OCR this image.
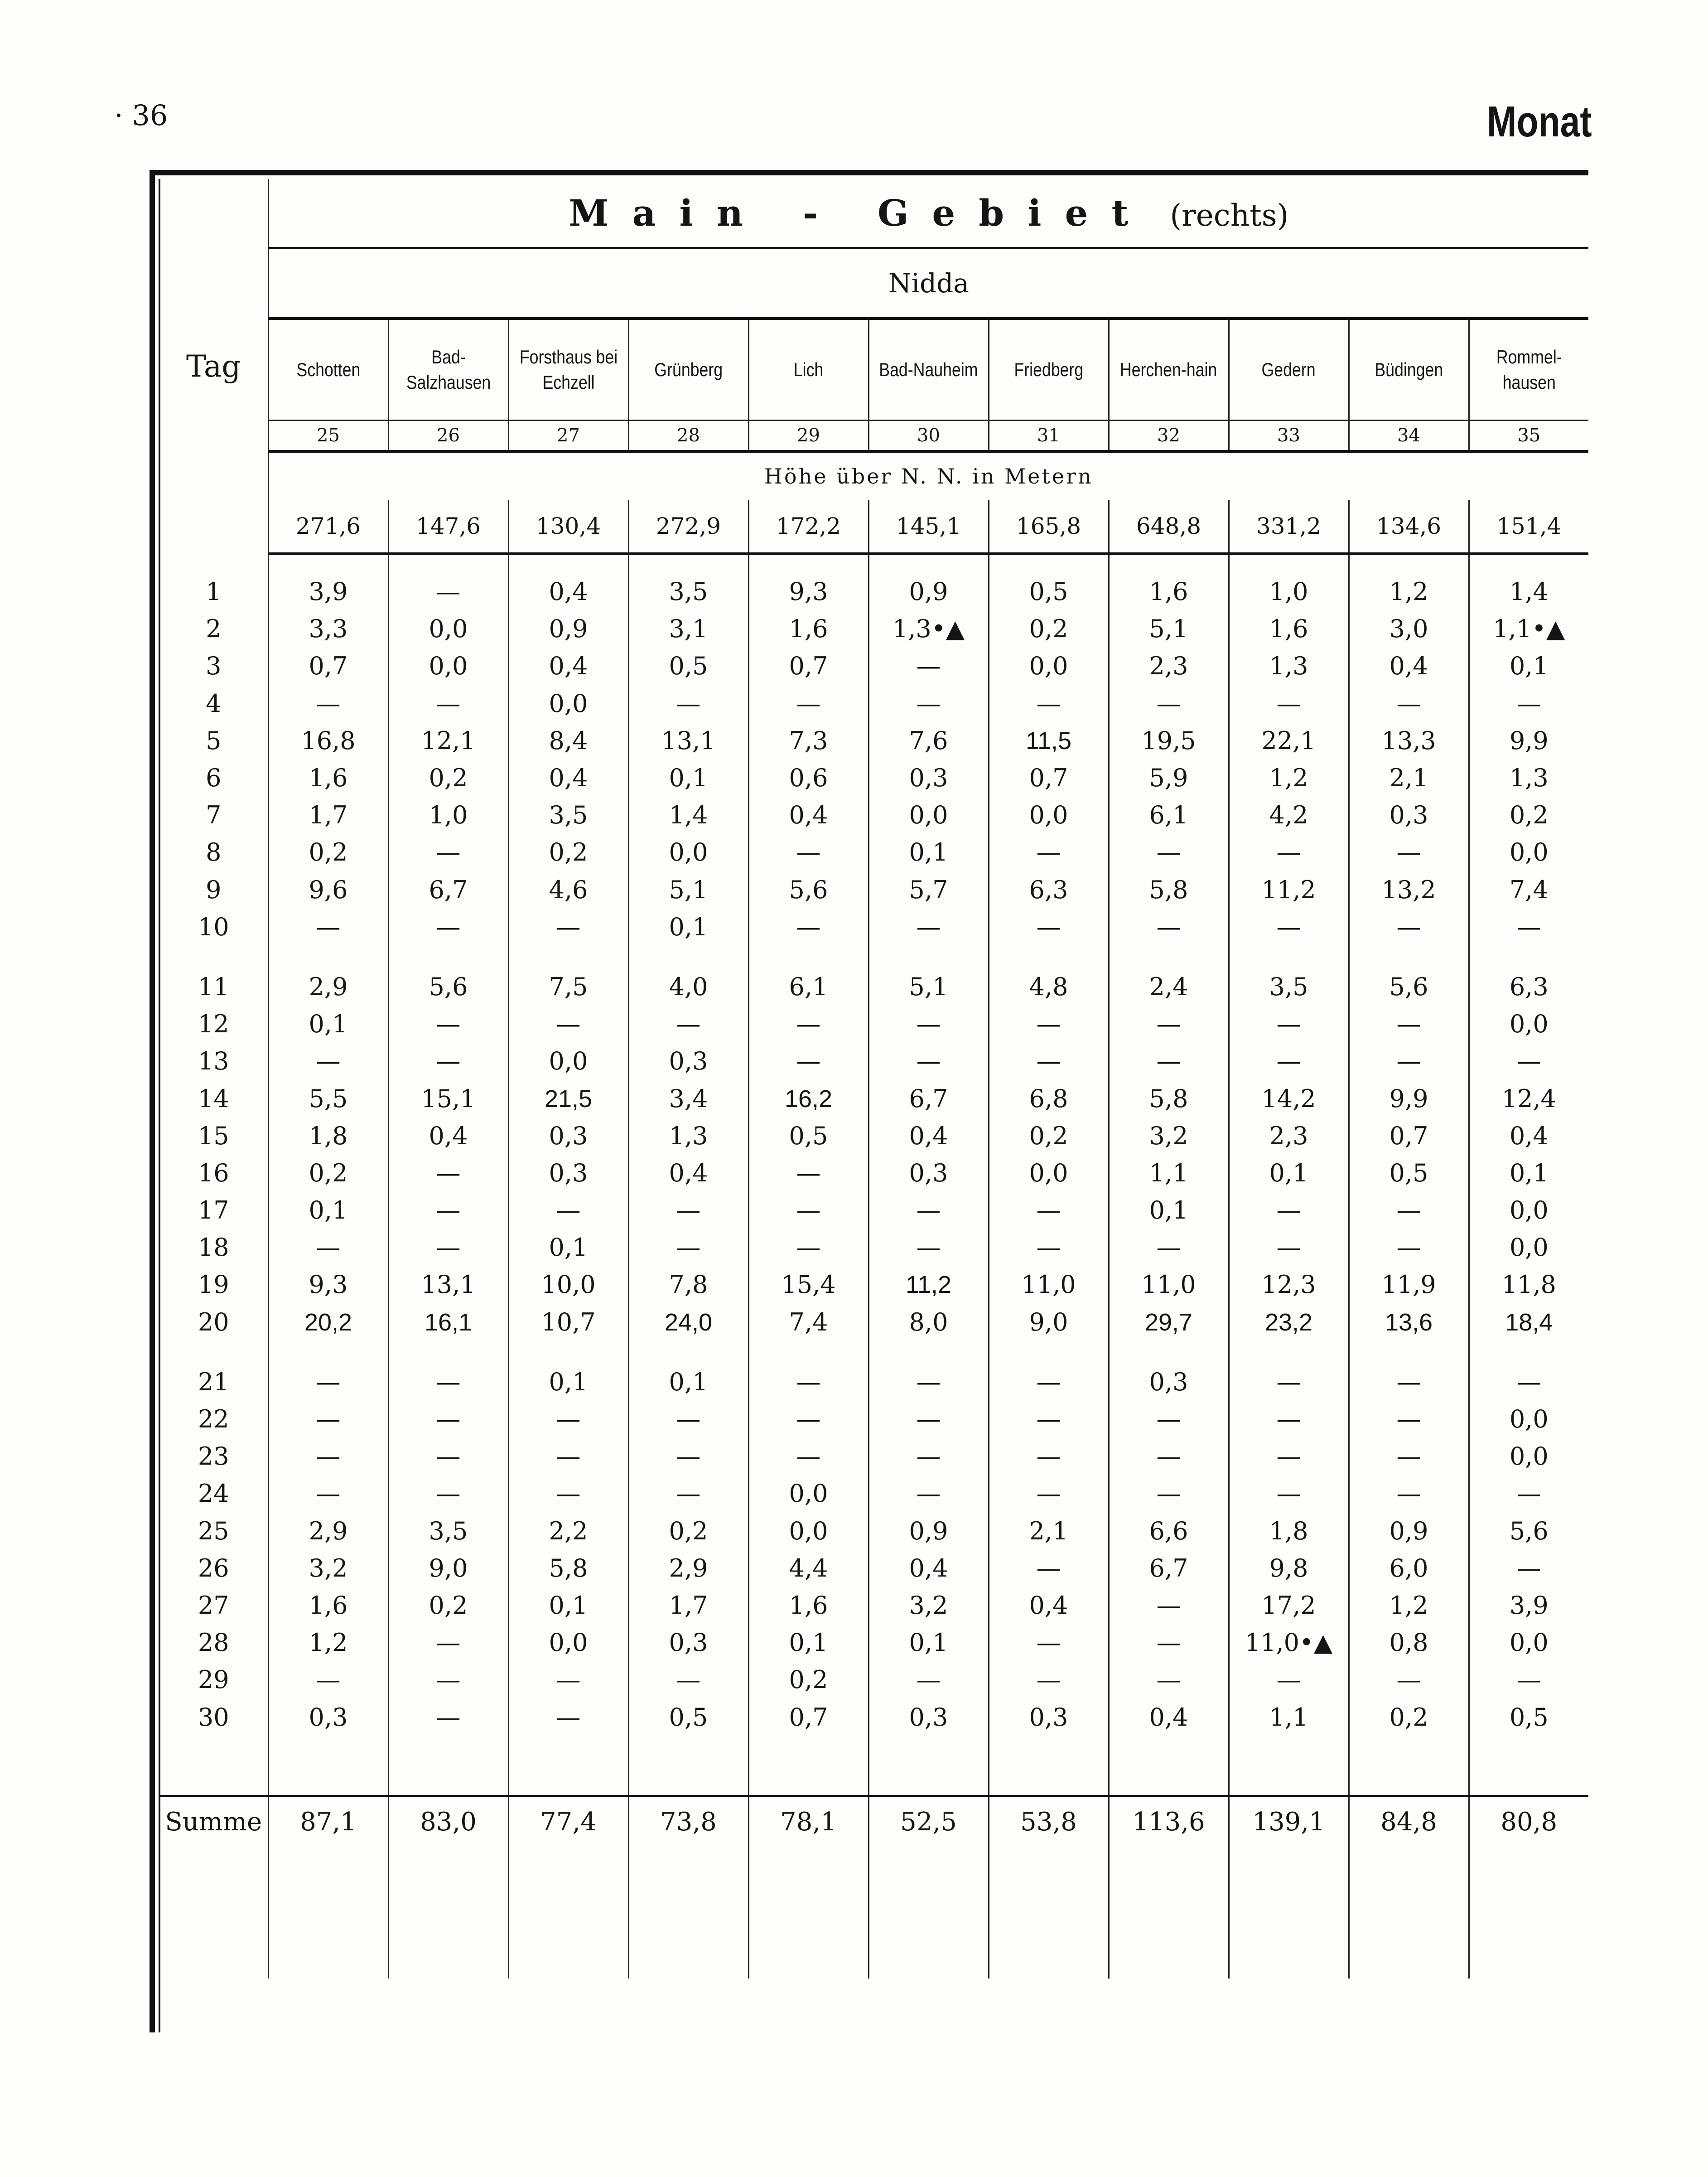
· 36	Monat
Tag	Main - Gebiet (rechts)										
	Nidda										
	Schotten	Bad-Salzhausen	Forsthaus bei Echzell	Grünberg	Lich	Bad-Nauheim	Friedberg	Herchen-hain	Gedern	Büdingen	Rommel-hausen
	25	26	27	28	29	30	31	32	33	34	35
	Höhe über N. N. in Metern										
	271,6	147,6	130,4	272,9	172,2	145,1	165,8	648,8	331,2	134,6	151,4

1	3,9	—	0,4	3,5	9,3	0,9	0,5	1,6	1,0	1,2	1,4
2	3,3	0,0	0,9	3,1	1,6	1,3•▲	0,2	5,1	1,6	3,0	1,1•▲
3	0,7	0,0	0,4	0,5	0,7	—	0,0	2,3	1,3	0,4	0,1
4	—	—	0,0	—	—	—	—	—	—	—	—
5	16,8	12,1	8,4	13,1	7,3	7,6	11,5	19,5	22,1	13,3	9,9
6	1,6	0,2	0,4	0,1	0,6	0,3	0,7	5,9	1,2	2,1	1,3
7	1,7	1,0	3,5	1,4	0,4	0,0	0,0	6,1	4,2	0,3	0,2
8	0,2	—	0,2	0,0	—	0,1	—	—	—	—	0,0
9	9,6	6,7	4,6	5,1	5,6	5,7	6,3	5,8	11,2	13,2	7,4
10	—	—	—	0,1	—	—	—	—	—	—	—

11	2,9	5,6	7,5	4,0	6,1	5,1	4,8	2,4	3,5	5,6	6,3
12	0,1	—	—	—	—	—	—	—	—	—	0,0
13	—	—	0,0	0,3	—	—	—	—	—	—	—
14	5,5	15,1	21,5	3,4	16,2	6,7	6,8	5,8	14,2	9,9	12,4
15	1,8	0,4	0,3	1,3	0,5	0,4	0,2	3,2	2,3	0,7	0,4
16	0,2	—	0,3	0,4	—	0,3	0,0	1,1	0,1	0,5	0,1
17	0,1	—	—	—	—	—	—	0,1	—	—	0,0
18	—	—	0,1	—	—	—	—	—	—	—	0,0
19	9,3	13,1	10,0	7,8	15,4	11,2	11,0	11,0	12,3	11,9	11,8
20	20,2	16,1	10,7	24,0	7,4	8,0	9,0	29,7	23,2	13,6	18,4

21	—	—	0,1	0,1	—	—	—	0,3	—	—	—
22	—	—	—	—	—	—	—	—	—	—	0,0
23	—	—	—	—	—	—	—	—	—	—	0,0
24	—	—	—	—	0,0	—	—	—	—	—	—
25	2,9	3,5	2,2	0,2	0,0	0,9	2,1	6,6	1,8	0,9	5,6
26	3,2	9,0	5,8	2,9	4,4	0,4	—	6,7	9,8	6,0	—
27	1,6	0,2	0,1	1,7	1,6	3,2	0,4	—	17,2	1,2	3,9
28	1,2	—	0,0	0,3	0,1	0,1	—	—	11,0•▲	0,8	0,0
29	—	—	—	—	0,2	—	—	—	—	—	—
30	0,3	—	—	0,5	0,7	0,3	0,3	0,4	1,1	0,2	0,5

Summe	87,1	83,0	77,4	73,8	78,1	52,5	53,8	113,6	139,1	84,8	80,8
